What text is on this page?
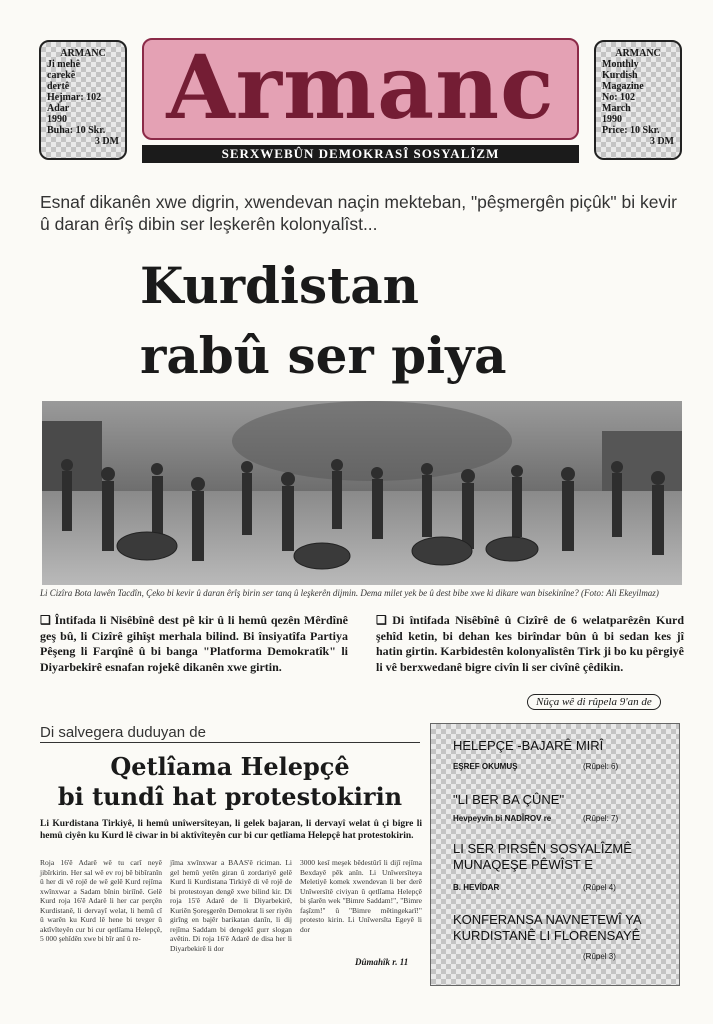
ARMANC
Ji mehê
carekê
dertê
Hejmar: 102
Adar
1990
Buha: 10 Skr.
3 DM
Armanc
SERXWEBÛN DEMOKRASÎ SOSYALÎZM
ARMANC
Monthly
Kurdish
Magazine
No: 102
March
1990
Price: 10 Skr.
3 DM
Esnaf dikanên xwe digrin, xwendevan naçin mekteban, "pêşmergên piçûk" bi kevir û daran êrîş dibin ser leşkerên kolonyalîst...
Kurdistan
rabû ser piya
Li Cizîra Bota lawên Tacdîn, Çeko bi kevir û daran êrîş birin ser tanq û leşkerên dijmin. Dema milet yek be û dest bibe xwe ki dikare wan bisekinîne? (Foto: Ali Ekeyilmaz)
❑ Întifada li Nisêbînê dest pê kir û li hemû qezên Mêrdînê geş bû, li Cizîrê gihîşt merhala bilind. Bi însiyatîfa Partiya Pêşeng li Farqînê û bi banga "Platforma Demokratîk" li Diyarbekirê esnafan rojekê dikanên xwe girtin.
❑ Di întifada Nisêbînê û Cizîrê de 6 welatparêzên Kurd şehîd ketin, bi dehan kes birîndar bûn û bi sedan kes jî hatin girtin. Karbidestên kolonyalîstên Tirk ji bo ku pêrgiyê li vê berxwedanê bigre civîn li ser civînê çêdikin.
Nûça wê di rûpela 9'an de
Di salvegera duduyan de
Qetlîama Helepçê
bi tundî hat protestokirin
Li Kurdistana Tirkiyê, li hemû unîwersîteyan, li gelek bajaran, li dervayî welat û çi bigre li hemû ciyên ku Kurd lê ciwar in bi aktîvîteyên cur bi cur qetlîama Helepçê hat protestokirin.
Roja 16'ê Adarê wê tu carî neyê jibîrkirin. Her sal wê ev roj bê bibîranîn û her di vê rojê de wê gelê Kurd rejîma xwînxwar a Sadam bînin biriînê. Gelê Kurd roja 16'ê Adarê li her car perçên Kurdistanê, li dervayî welat, li hemû cî û warên ku Kurd lê hene bi tevger û aktîvîteyên cur bi cur qetlîama Helepçê, 5 000 şehîdên xwe bi bîr anî û re-
jîma xwînxwar a BAAS'ê riciman. Li gel hemû yetên giran û zordariyê gelê Kurd li Kurdistana Tirkiyê di vê rojê de bi protestoyan dengê xwe bilind kir. Di roja 15'ê Adarê de li Diyarbekirê, Kuriên Şoreşgerên Demokrat li ser riyên girîng en bajêr barikatan danîn, li dij rejîma Saddam bi dengekî gurr slogan avêtin. Di roja 16'ê Adarê de disa her li Diyarbekirê li dor
3000 kesî meşek bêdestûrî li dijî rejîma Bexdayê pêk anîn. Li Unîwersîteya Meletiyê komek xwendevan li ber derê Unîwersîtê civiyan û qetlîama Helepçê bi şîarên wek "Bimre Saddam!", "Bimre faşîzm!" û "Bimre mêtingekarî!" protesto kirin. Li Unîwersîta Egeyê li dor
Dûmahîk r. 11
HELEPÇE -BAJARÊ MIRÎ
EŞREF OKUMUŞ	(Rûpel: 6)
"LI BER BA ÇÛNE"
Hevpeyvîn bi NADÎROV re	(Rûpel: 7)
LI SER PIRSÊN SOSYALÎZMÊ MUNAQEŞE PÊWÎST E
B. HEVÎDAR	(Rûpel 4)
KONFERANSA NAVNETEWÎ YA KURDISTANÊ LI FLORENSAYÊ
(Rûpel 3)
